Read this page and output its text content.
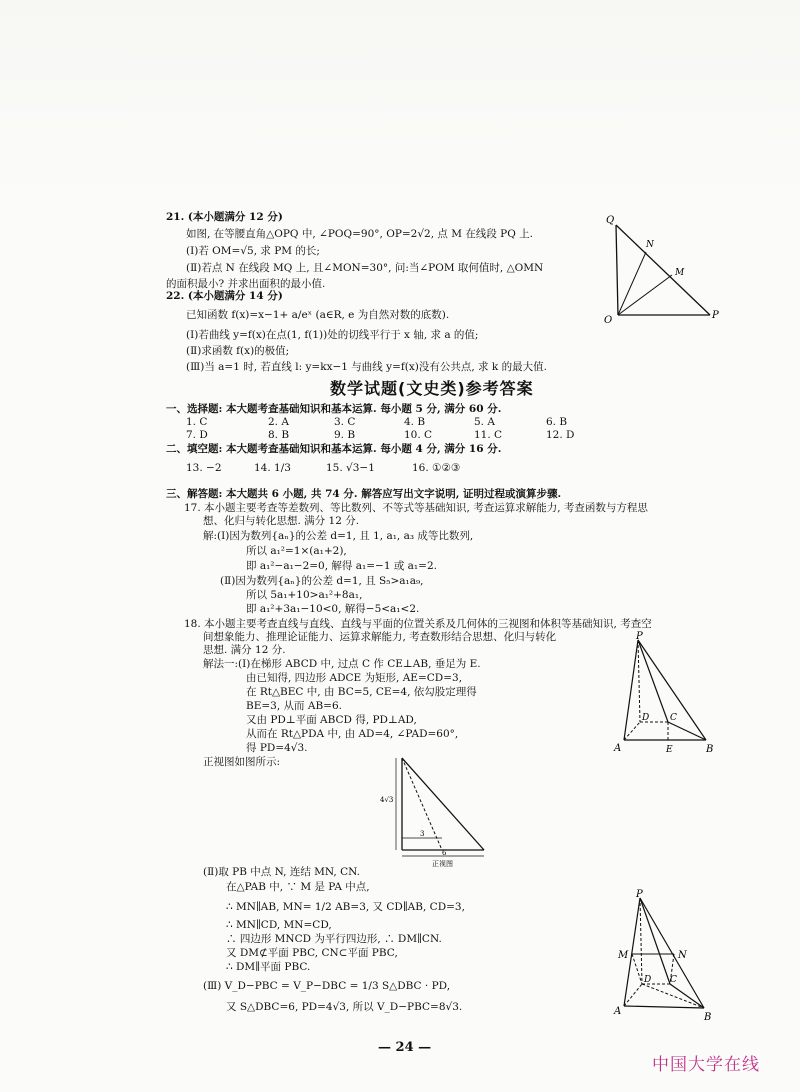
21. (本小题满分 12 分)
如图, 在等腰直角△OPQ 中, ∠POQ=90°, OP=2√2, 点 M 在线段 PQ 上.
(Ⅰ)若 OM=√5, 求 PM 的长;
(Ⅱ)若点 N 在线段 MQ 上, 且∠MON=30°, 问:当∠POM 取何值时, △OMN
的面积最小? 并求出面积的最小值.
Q
N
M
O	P
22. (本小题满分 14 分)
已知函数 f(x)=x−1+ a/eˣ (a∈R, e 为自然对数的底数).
(Ⅰ)若曲线 y=f(x)在点(1, f(1))处的切线平行于 x 轴, 求 a 的值;
(Ⅱ)求函数 f(x)的极值;
(Ⅲ)当 a=1 时, 若直线 l: y=kx−1 与曲线 y=f(x)没有公共点, 求 k 的最大值.
数学试题(文史类)参考答案
一、选择题: 本大题考查基础知识和基本运算. 每小题 5 分, 满分 60 分.
1. C	2. A	3. C	4. B	5. A	6. B
7. D	8. B	9. B	10. C	11. C	12. D
二、填空题: 本大题考查基础知识和基本运算. 每小题 4 分, 满分 16 分.
13. −2	14. 1/3	15. √3−1	16. ①②③
三、解答题: 本大题共 6 小题, 共 74 分. 解答应写出文字说明, 证明过程或演算步骤.
17. 本小题主要考查等差数列、等比数列、不等式等基础知识, 考查运算求解能力, 考查函数与方程思
想、化归与转化思想. 满分 12 分.
解:(Ⅰ)因为数列{aₙ}的公差 d=1, 且 1, a₁, a₃ 成等比数列,
所以 a₁²=1×(a₁+2),
即 a₁²−a₁−2=0, 解得 a₁=−1 或 a₁=2.
(Ⅱ)因为数列{aₙ}的公差 d=1, 且 S₅>a₁a₉,
所以 5a₁+10>a₁²+8a₁,
即 a₁²+3a₁−10<0, 解得−5<a₁<2.
18. 本小题主要考查直线与直线、直线与平面的位置关系及几何体的三视图和体积等基础知识, 考查空
间想象能力、推理论证能力、运算求解能力, 考查数形结合思想、化归与转化
思想. 满分 12 分.
解法一:(Ⅰ)在梯形 ABCD 中, 过点 C 作 CE⊥AB, 垂足为 E.
由已知得, 四边形 ADCE 为矩形, AE=CD=3,
在 Rt△BEC 中, 由 BC=5, CE=4, 依勾股定理得
BE=3, 从而 AB=6.
又由 PD⊥平面 ABCD 得, PD⊥AD,
从而在 Rt△PDA 中, 由 AD=4, ∠PAD=60°,
得 PD=4√3.
正视图如图所示:
P
D C
A	E	B
4√3
3
6
正视图
(Ⅱ)取 PB 中点 N, 连结 MN, CN.
在△PAB 中, ∵ M 是 PA 中点,
∴ MN∥AB, MN= 1/2 AB=3, 又 CD∥AB, CD=3,
∴ MN∥CD, MN=CD,
∴ 四边形 MNCD 为平行四边形, ∴ DM∥CN.
又 DM⊄平面 PBC, CN⊂平面 PBC,
∴ DM∥平面 PBC.
(Ⅲ) V_D−PBC = V_P−DBC = 1/3 S△DBC · PD,
又 S△DBC=6, PD=4√3, 所以 V_D−PBC=8√3.
P
M	N
D C
A
B
— 24 —
中国大学在线
